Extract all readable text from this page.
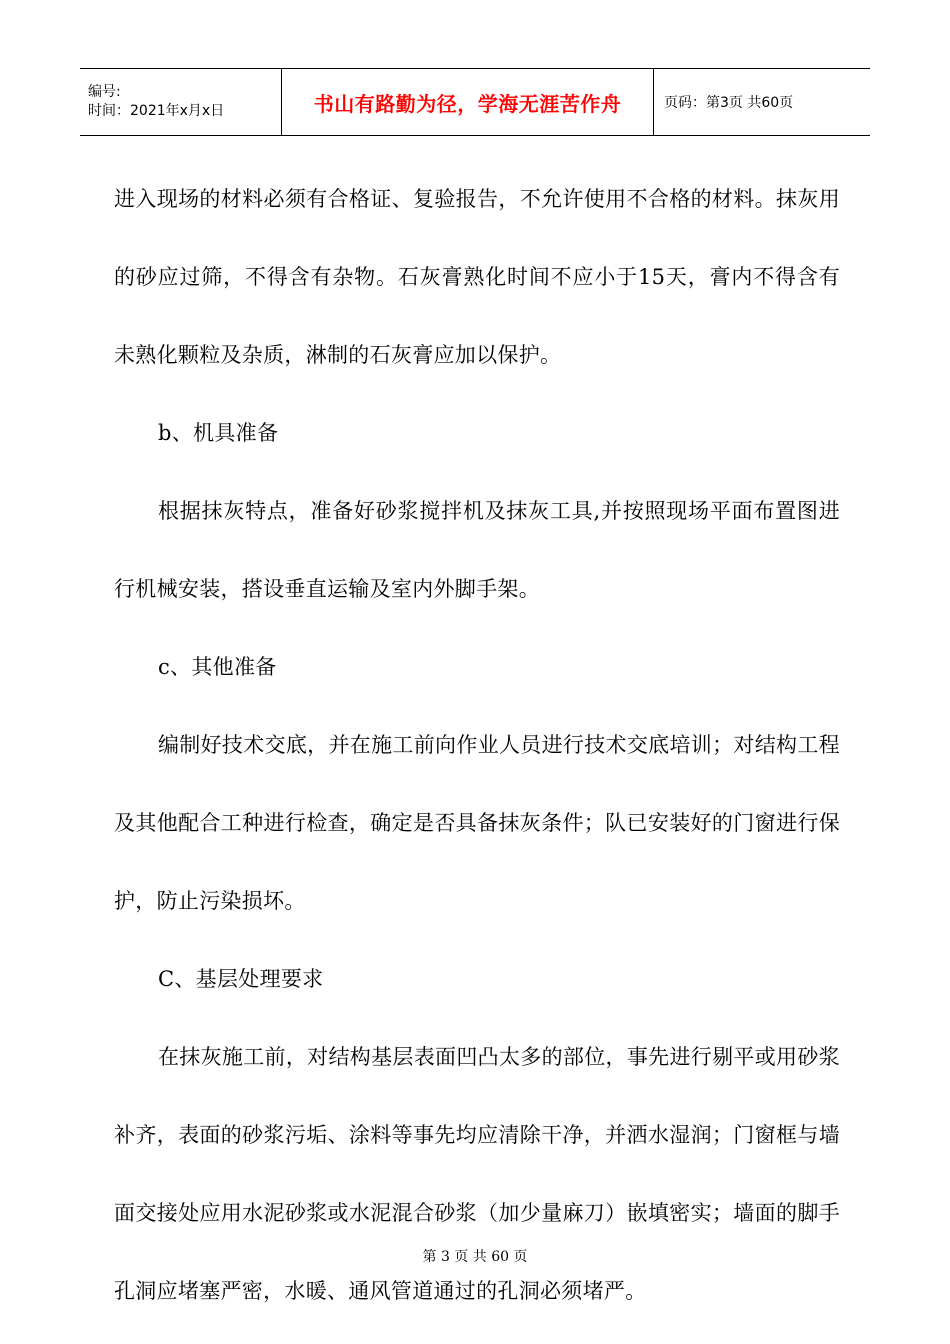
编号:
时间：2021年x月x日	书山有路勤为径，学海无涯苦作舟	页码：第3页 共60页

进入现场的材料必须有合格证、复验报告，不允许使用不合格的材料。抹灰用的砂应过筛，不得含有杂物。石灰膏熟化时间不应小于15天，膏内不得含有未熟化颗粒及杂质，淋制的石灰膏应加以保护。

b、机具准备

根据抹灰特点，准备好砂浆搅拌机及抹灰工具,并按照现场平面布置图进行机械安装，搭设垂直运输及室内外脚手架。

c、其他准备

编制好技术交底，并在施工前向作业人员进行技术交底培训；对结构工程及其他配合工种进行检查，确定是否具备抹灰条件；队已安装好的门窗进行保护，防止污染损坏。

C、基层处理要求

在抹灰施工前，对结构基层表面凹凸太多的部位，事先进行剔平或用砂浆补齐，表面的砂浆污垢、涂料等事先均应清除干净，并洒水湿润；门窗框与墙面交接处应用水泥砂浆或水泥混合砂浆（加少量麻刀）嵌填密实；墙面的脚手孔洞应堵塞严密，水暖、通风管道通过的孔洞必须堵严。

第 3 页 共 60 页
